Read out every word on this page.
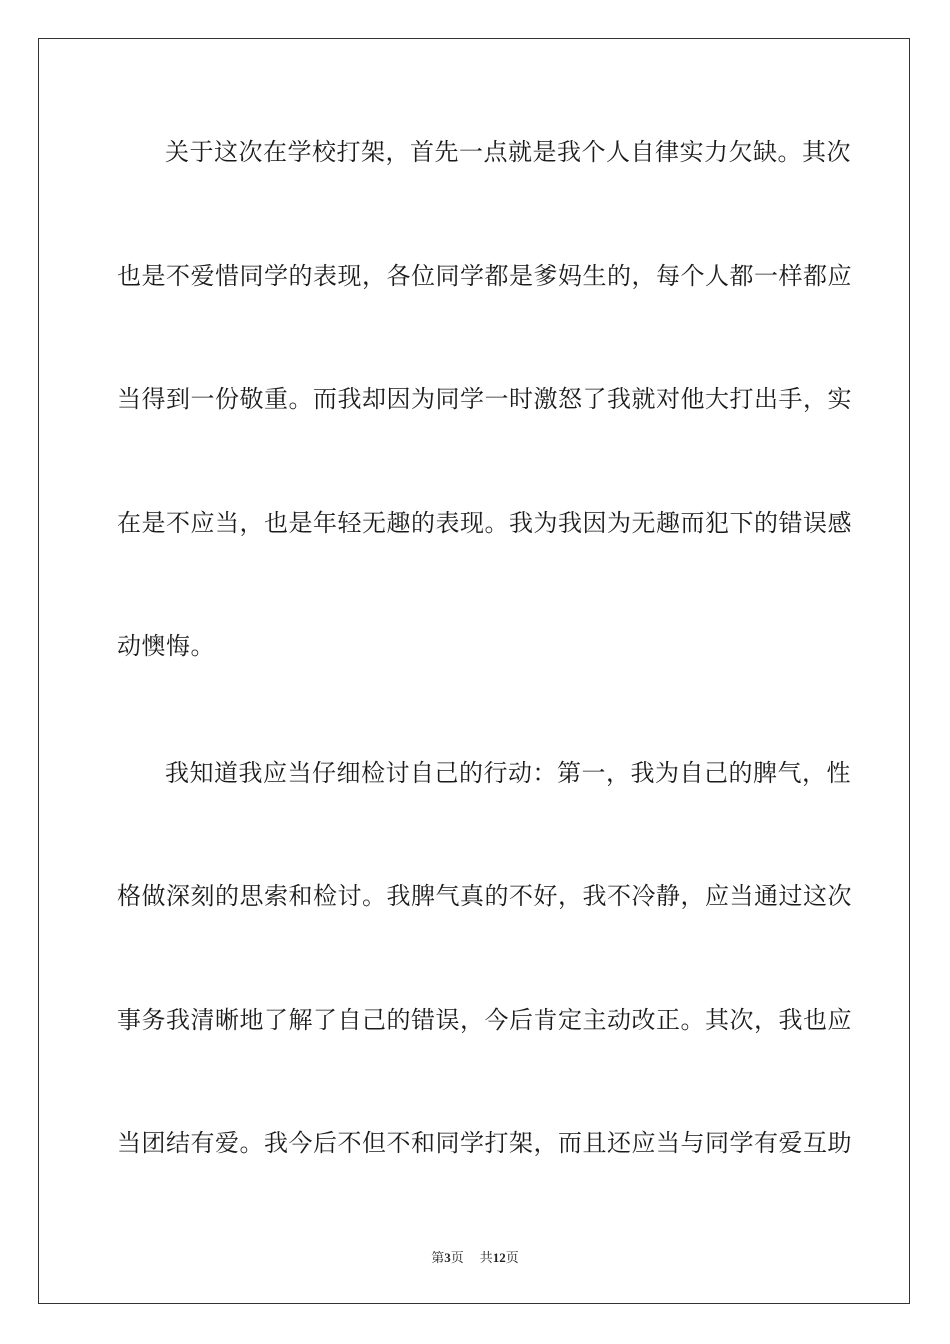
关于这次在学校打架，首先一点就是我个人自律实力欠缺。其次
也是不爱惜同学的表现，各位同学都是爹妈生的，每个人都一样都应
当得到一份敬重。而我却因为同学一时激怒了我就对他大打出手，实
在是不应当，也是年轻无趣的表现。我为我因为无趣而犯下的错误感
动懊悔。
我知道我应当仔细检讨自己的行动：第一，我为自己的脾气，性
格做深刻的思索和检讨。我脾气真的不好，我不冷静，应当通过这次
事务我清晰地了解了自己的错误，今后肯定主动改正。其次，我也应
当团结有爱。我今后不但不和同学打架，而且还应当与同学有爱互助
第3页 共12页
